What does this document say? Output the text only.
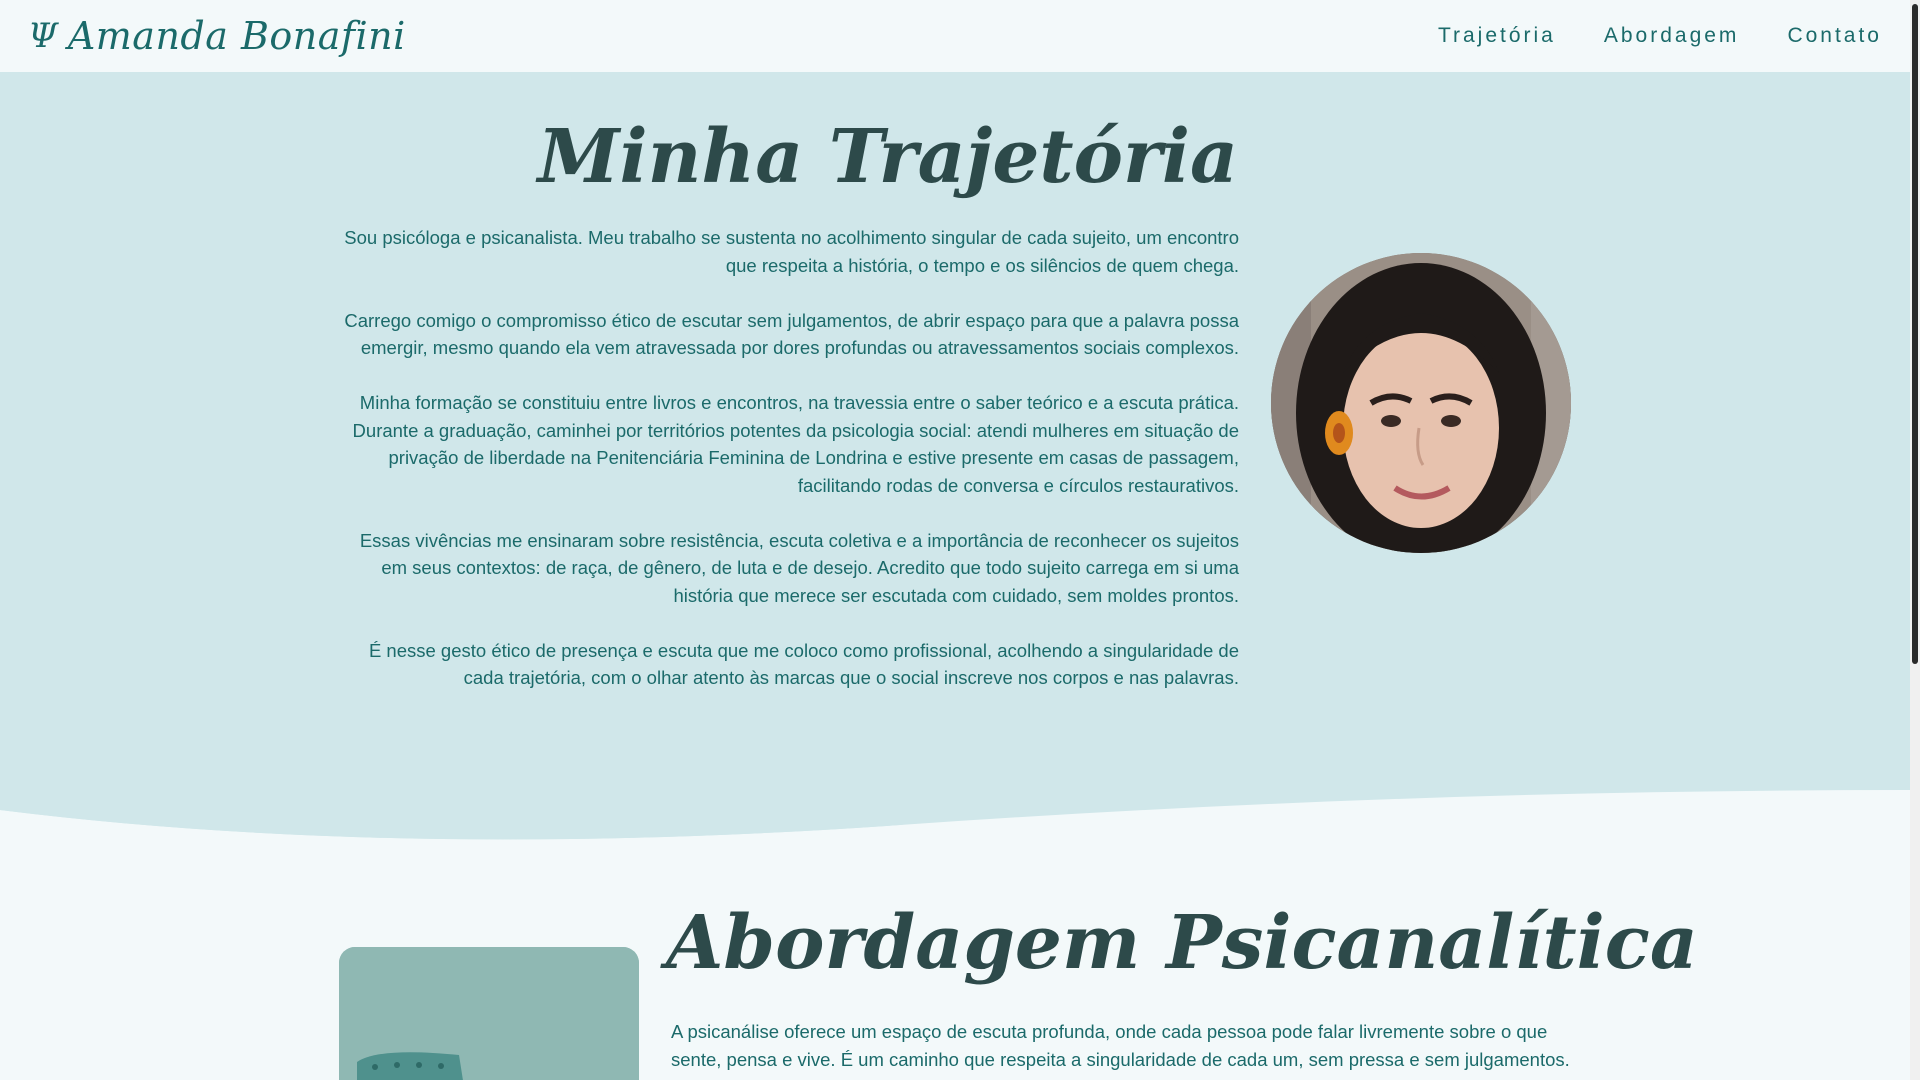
Ψ Amanda Bonafini	Trajetória Abordagem Contato
Minha Trajetória

Sou psicóloga e psicanalista. Meu trabalho se sustenta no acolhimento singular de cada sujeito, um encontro que respeita a história, o tempo e os silêncios de quem chega.

Carrego comigo o compromisso ético de escutar sem julgamentos, de abrir espaço para que a palavra possa emergir, mesmo quando ela vem atravessada por dores profundas ou atravessamentos sociais complexos.

Minha formação se constituiu entre livros e encontros, na travessia entre o saber teórico e a escuta prática. Durante a graduação, caminhei por territórios potentes da psicologia social: atendi mulheres em situação de privação de liberdade na Penitenciária Feminina de Londrina e estive presente em casas de passagem, facilitando rodas de conversa e círculos restaurativos.

Essas vivências me ensinaram sobre resistência, escuta coletiva e a importância de reconhecer os sujeitos em seus contextos: de raça, de gênero, de luta e de desejo. Acredito que todo sujeito carrega em si uma história que merece ser escutada com cuidado, sem moldes prontos.

É nesse gesto ético de presença e escuta que me coloco como profissional, acolhendo a singularidade de cada trajetória, com o olhar atento às marcas que o social inscreve nos corpos e nas palavras.

Abordagem Psicanalítica

A psicanálise oferece um espaço de escuta profunda, onde cada pessoa pode falar livremente sobre o que sente, pensa e vive. É um caminho que respeita a singularidade de cada um, sem pressa e sem julgamentos.
